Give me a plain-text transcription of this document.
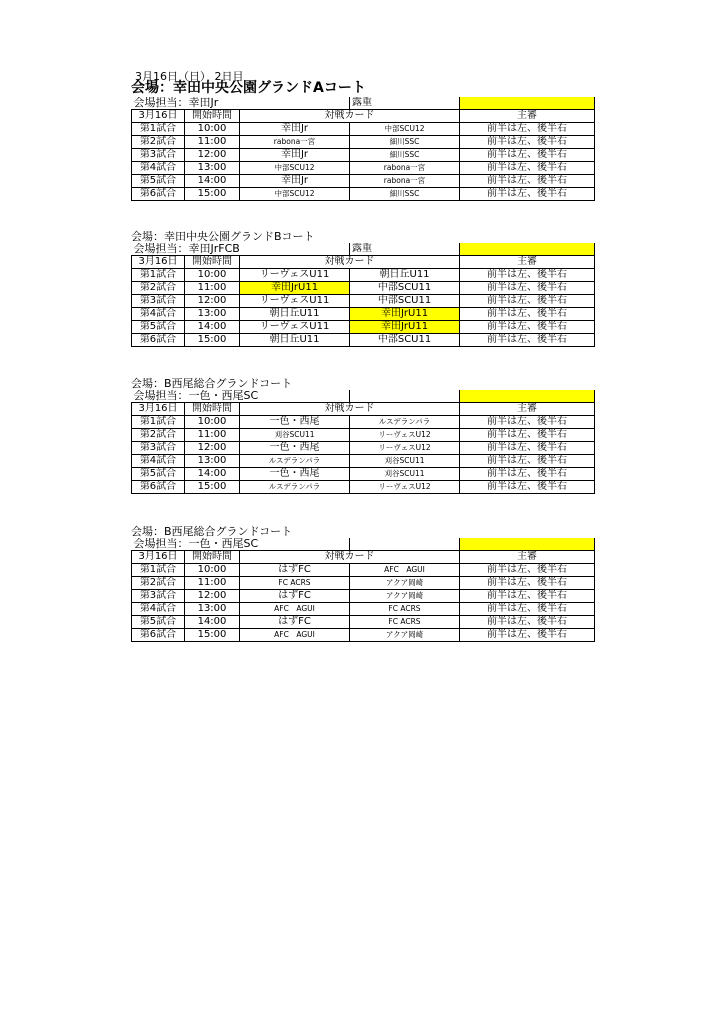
3月16日（日） 2日目
会場：幸田中央公園グランドAコート
会場担当：幸田Jr			露重	
3月16日	開始時間	対戦カード		主審
第1試合	10:00	幸田Jr	中部SCU12	前半は左、後半右
第2試合	11:00	rabona一宮	細川SSC	前半は左、後半右
第3試合	12:00	幸田Jr	細川SSC	前半は左、後半右
第4試合	13:00	中部SCU12	rabona一宮	前半は左、後半右
第5試合	14:00	幸田Jr	rabona一宮	前半は左、後半右
第6試合	15:00	中部SCU12	細川SSC	前半は左、後半右
会場：幸田中央公園グランドBコート
会場担当：幸田JrFCB			露重	
3月16日	開始時間	対戦カード		主審
第1試合	10:00	リーヴェスU11	朝日丘U11	前半は左、後半右
第2試合	11:00	幸田JrU11	中部SCU11	前半は左、後半右
第3試合	12:00	リーヴェスU11	中部SCU11	前半は左、後半右
第4試合	13:00	朝日丘U11	幸田JrU11	前半は左、後半右
第5試合	14:00	リーヴェスU11	幸田JrU11	前半は左、後半右
第6試合	15:00	朝日丘U11	中部SCU11	前半は左、後半右
会場：B西尾総合グランドコート
会場担当：一色・西尾SC				
3月16日	開始時間	対戦カード		主審
第1試合	10:00	一色・西尾	ルスデランパラ	前半は左、後半右
第2試合	11:00	刈谷SCU11	リーヴェスU12	前半は左、後半右
第3試合	12:00	一色・西尾	リーヴェスU12	前半は左、後半右
第4試合	13:00	ルスデランパラ	刈谷SCU11	前半は左、後半右
第5試合	14:00	一色・西尾	刈谷SCU11	前半は左、後半右
第6試合	15:00	ルスデランパラ	リーヴェスU12	前半は左、後半右
会場：B西尾総合グランドコート
会場担当：一色・西尾SC				
3月16日	開始時間	対戦カード		主審
第1試合	10:00	はずFC	AFC　AGUI	前半は左、後半右
第2試合	11:00	FC ACRS	アクア岡崎	前半は左、後半右
第3試合	12:00	はずFC	アクア岡崎	前半は左、後半右
第4試合	13:00	AFC　AGUI	FC ACRS	前半は左、後半右
第5試合	14:00	はずFC	FC ACRS	前半は左、後半右
第6試合	15:00	AFC　AGUI	アクア岡崎	前半は左、後半右
